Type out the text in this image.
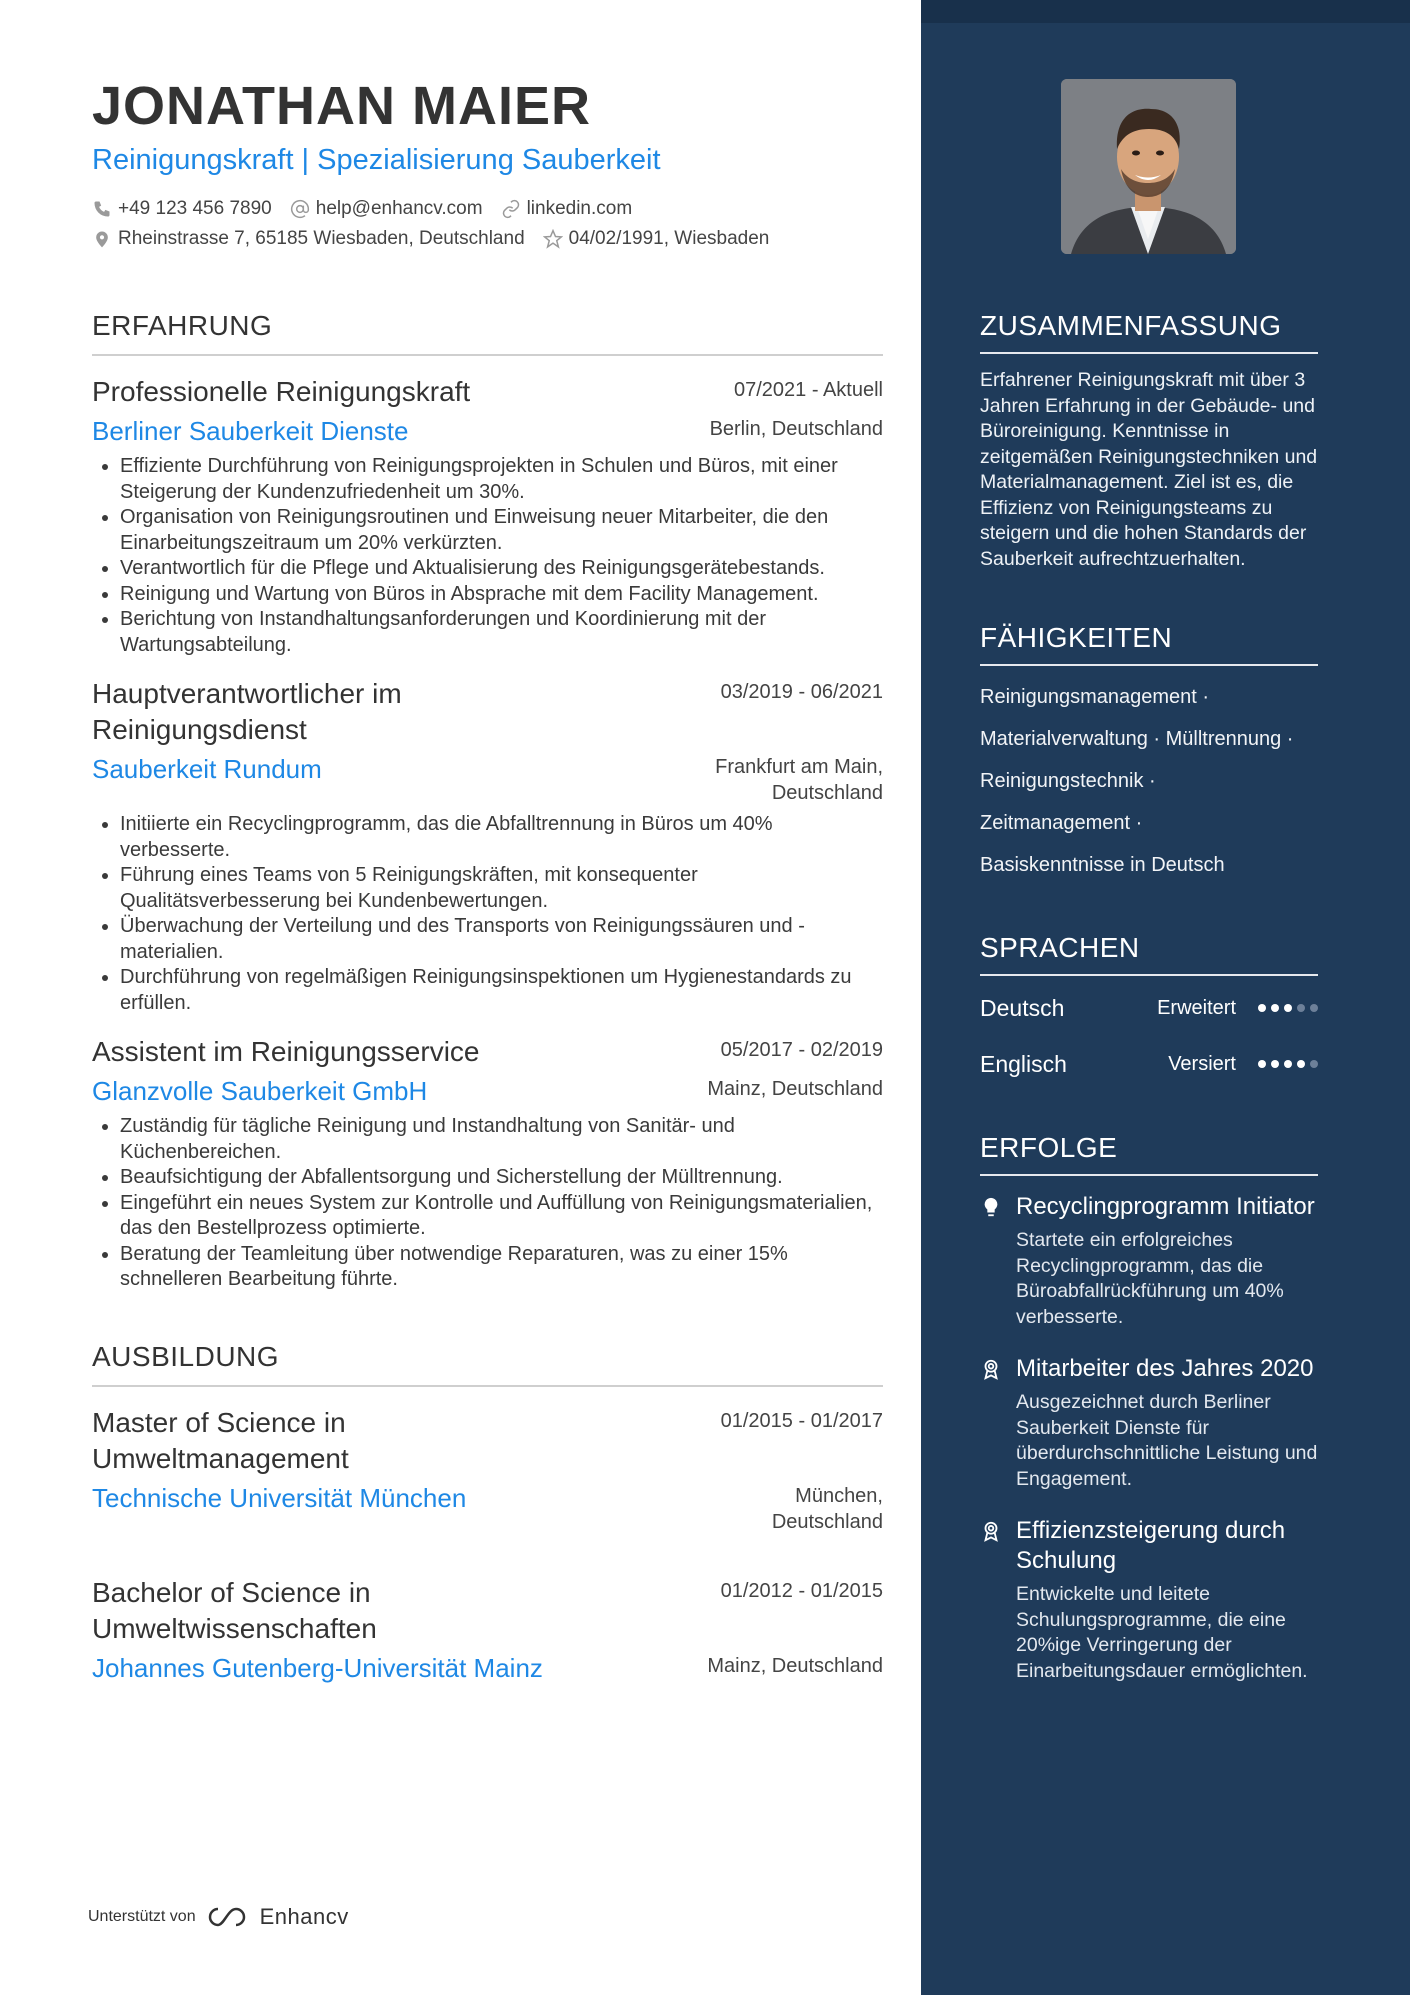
JONATHAN MAIER
Reinigungskraft | Spezialisierung Sauberkeit
+49 123 456 7890 help@enhancv.com linkedin.com
Rheinstrasse 7, 65185 Wiesbaden, Deutschland 04/02/1991, Wiesbaden
ERFAHRUNG
Professionelle Reinigungskraft	07/2021 - Aktuell
Berliner Sauberkeit Dienste	Berlin, Deutschland
• Effiziente Durchführung von Reinigungsprojekten in Schulen und Büros, mit einer Steigerung der Kundenzufriedenheit um 30%.
• Organisation von Reinigungsroutinen und Einweisung neuer Mitarbeiter, die den Einarbeitungszeitraum um 20% verkürzten.
• Verantwortlich für die Pflege und Aktualisierung des Reinigungsgerätebestands.
• Reinigung und Wartung von Büros in Absprache mit dem Facility Management.
• Berichtung von Instandhaltungsanforderungen und Koordinierung mit der Wartungsabteilung.
Hauptverantwortlicher im Reinigungsdienst
03/2019 - 06/2021
Sauberkeit Rundum	Frankfurt am Main, Deutschland
• Initiierte ein Recyclingprogramm, das die Abfalltrennung in Büros um 40% verbesserte.
• Führung eines Teams von 5 Reinigungskräften, mit konsequenter Qualitätsverbesserung bei Kundenbewertungen.
• Überwachung der Verteilung und des Transports von Reinigungssäuren und -materialien.
• Durchführung von regelmäßigen Reinigungsinspektionen um Hygienestandards zu erfüllen.
Assistent im Reinigungsservice	05/2017 - 02/2019
Glanzvolle Sauberkeit GmbH	Mainz, Deutschland
• Zuständig für tägliche Reinigung und Instandhaltung von Sanitär- und Küchenbereichen.
• Beaufsichtigung der Abfallentsorgung und Sicherstellung der Mülltrennung.
• Eingeführt ein neues System zur Kontrolle und Auffüllung von Reinigungsmaterialien, das den Bestellprozess optimierte.
• Beratung der Teamleitung über notwendige Reparaturen, was zu einer 15% schnelleren Bearbeitung führte.
AUSBILDUNG
Master of Science in Umweltmanagement
01/2015 - 01/2017
Technische Universität München	München, Deutschland
Bachelor of Science in Umweltwissenschaften
01/2012 - 01/2015
Johannes Gutenberg-Universität Mainz	Mainz, Deutschland
Unterstützt von	Enhancv
ZUSAMMENFASSUNG
Erfahrener Reinigungskraft mit über 3 Jahren Erfahrung in der Gebäude- und Büroreinigung. Kenntnisse in zeitgemäßen Reinigungstechniken und Materialmanagement. Ziel ist es, die Effizienz von Reinigungsteams zu steigern und die hohen Standards der Sauberkeit aufrechtzuerhalten.
FÄHIGKEITEN
Reinigungsmanagement ·
Materialverwaltung · Mülltrennung ·
Reinigungstechnik ·
Zeitmanagement ·
Basiskenntnisse in Deutsch
SPRACHEN
Deutsch	Erweitert
Englisch	Versiert
ERFOLGE
Recyclingprogramm Initiator
Startete ein erfolgreiches Recyclingprogramm, das die Büroabfallrückführung um 40% verbesserte.
Mitarbeiter des Jahres 2020
Ausgezeichnet durch Berliner Sauberkeit Dienste für überdurchschnittliche Leistung und Engagement.
Effizienzsteigerung durch Schulung
Entwickelte und leitete Schulungsprogramme, die eine 20%ige Verringerung der Einarbeitungsdauer ermöglichten.
